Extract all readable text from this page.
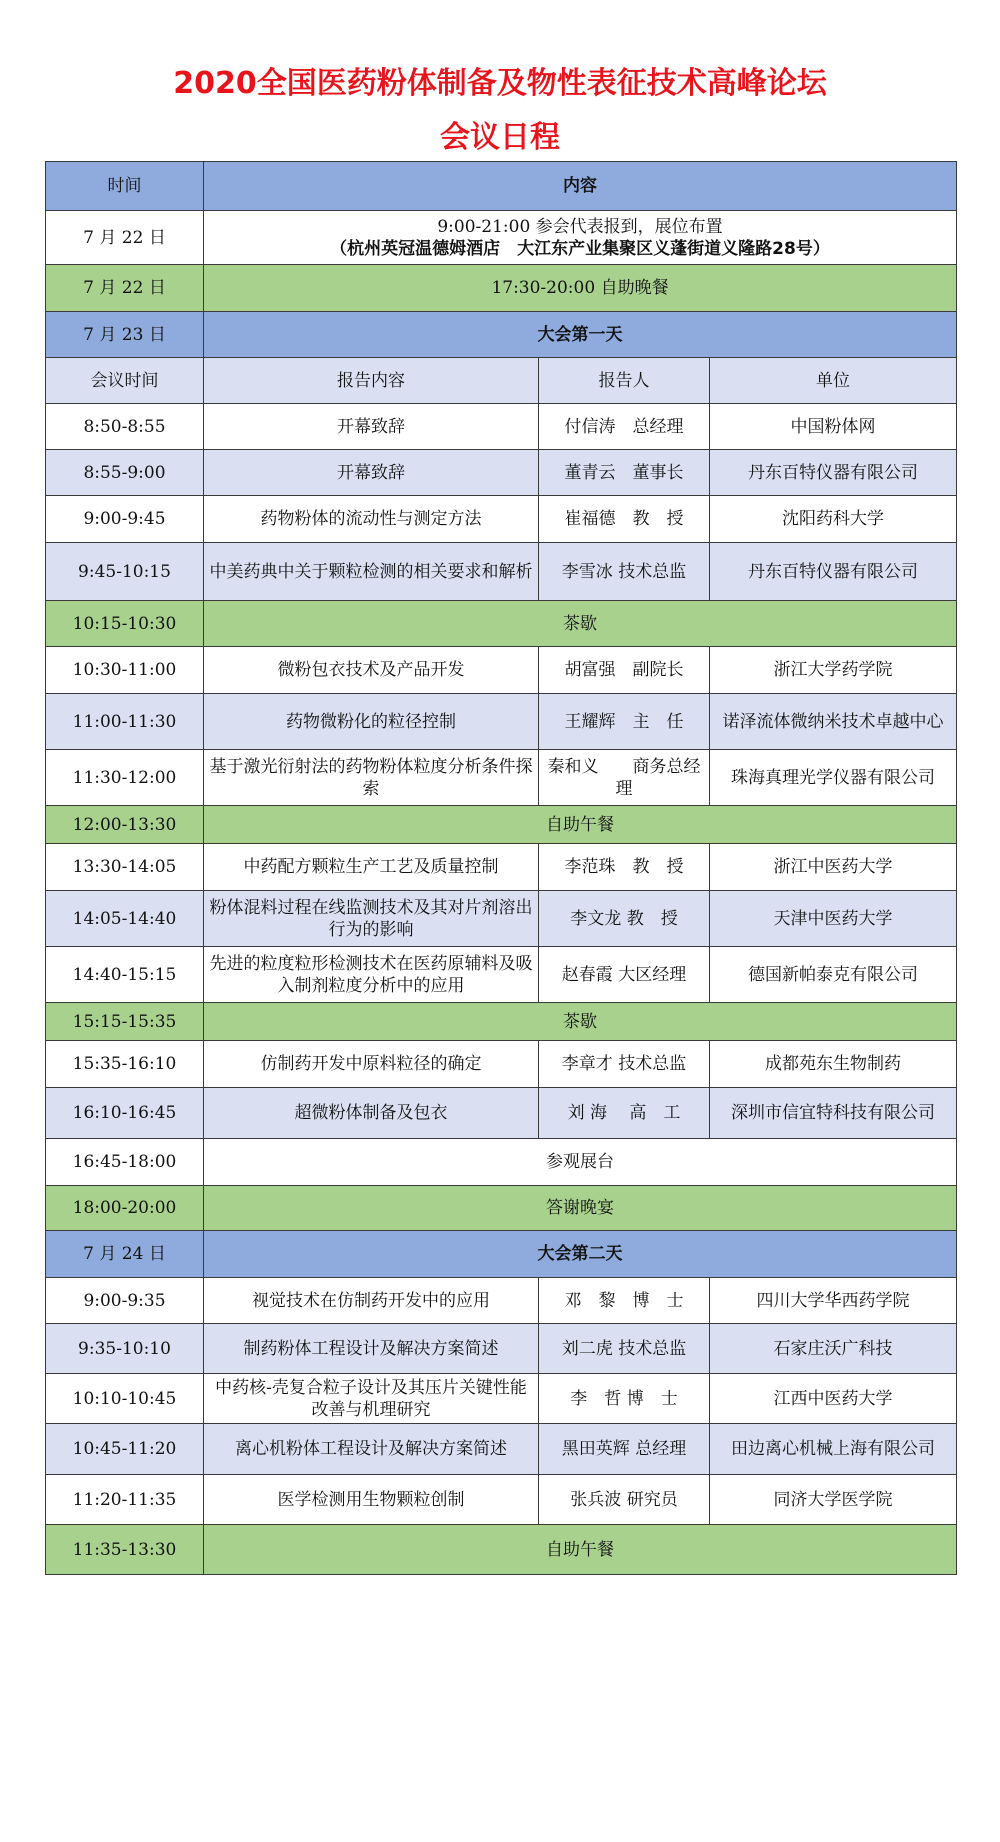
2020全国医药粉体制备及物性表征技术高峰论坛
会议日程
时间	内容		
7 月 22 日	9:00-21:00 参会代表报到，展位布置
（杭州英冠温德姆酒店　大江东产业集聚区义蓬街道义隆路28号）		

7 月 22 日	17:30-20:00 自助晚餐		
7 月 23 日	大会第一天		
会议时间	报告内容	报告人	单位
8:50-8:55	开幕致辞	付信涛　总经理	中国粉体网
8:55-9:00	开幕致辞	董青云　董事长	丹东百特仪器有限公司
9:00-9:45	药物粉体的流动性与测定方法	崔福德　教　授	沈阳药科大学
9:45-10:15	中美药典中关于颗粒检测的相关要求和解析	李雪冰 技术总监	丹东百特仪器有限公司
10:15-10:30	茶歇		
10:30-11:00	微粉包衣技术及产品开发	胡富强　副院长	浙江大学药学院
11:00-11:30	药物微粉化的粒径控制	王耀辉　主　任	诺泽流体微纳米技术卓越中心
11:30-12:00	基于激光衍射法的药物粉体粒度分析条件探索	秦和义　　商务总经理	珠海真理光学仪器有限公司
12:00-13:30	自助午餐		
13:30-14:05	中药配方颗粒生产工艺及质量控制	李范珠　教　授	浙江中医药大学
14:05-14:40	粉体混料过程在线监测技术及其对片剂溶出行为的影响	李文龙 教　授	天津中医药大学
14:40-15:15	先进的粒度粒形检测技术在医药原辅料及吸入制剂粒度分析中的应用	赵春霞 大区经理	德国新帕泰克有限公司
15:15-15:35	茶歇		
15:35-16:10	仿制药开发中原料粒径的确定	李章才 技术总监	成都苑东生物制药
16:10-16:45	超微粉体制备及包衣	刘 海　 高　工	深圳市信宜特科技有限公司
16:45-18:00	参观展台		
18:00-20:00	答谢晚宴		
7 月 24 日	大会第二天		
9:00-9:35	视觉技术在仿制药开发中的应用	邓　黎　博　士	四川大学华西药学院
9:35-10:10	制药粉体工程设计及解决方案简述	刘二虎 技术总监	石家庄沃广科技
10:10-10:45	中药核-壳复合粒子设计及其压片关键性能改善与机理研究	李　哲 博　士	江西中医药大学
10:45-11:20	离心机粉体工程设计及解决方案简述	黑田英辉 总经理	田边离心机械上海有限公司
11:20-11:35	医学检测用生物颗粒创制	张兵波 研究员	同济大学医学院
11:35-13:30	自助午餐		
